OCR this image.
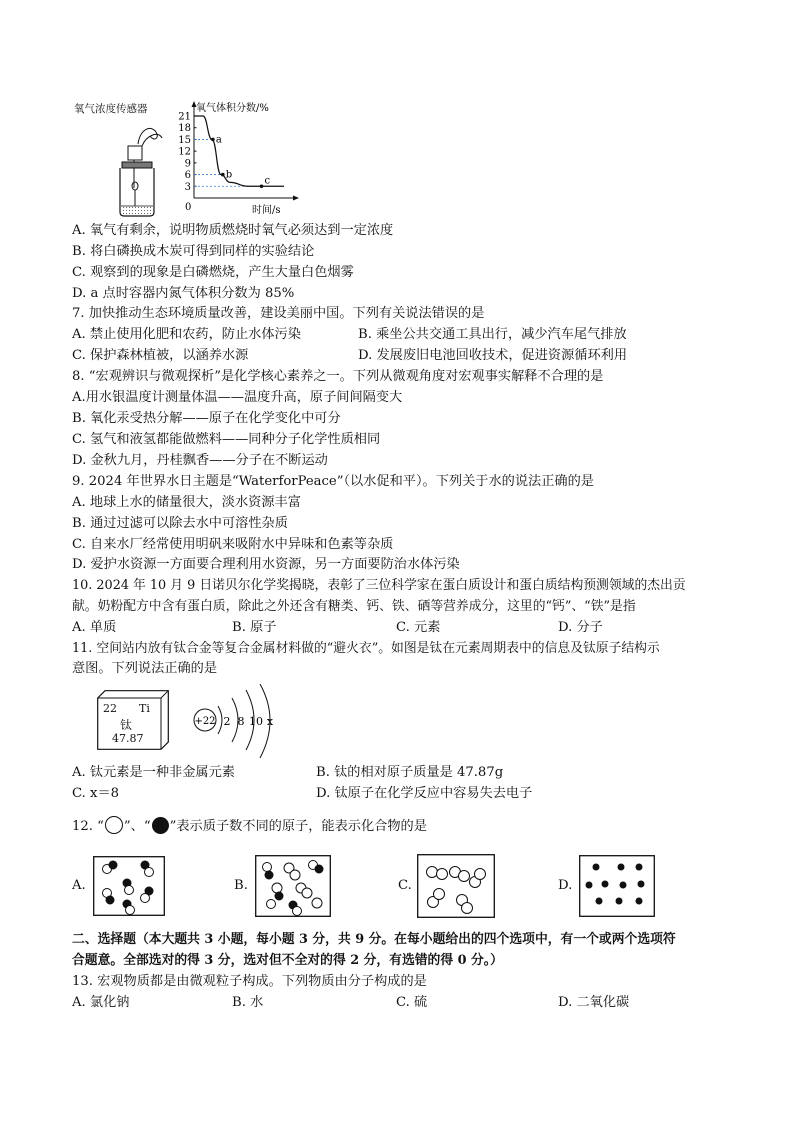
氧气浓度传感器	氧气体积分数/%
时间/s
0
21
18
15
12
9
6
3
a
b
c
A. 氧气有剩余，说明物质燃烧时氧气必须达到一定浓度
B. 将白磷换成木炭可得到同样的实验结论
C. 观察到的现象是白磷燃烧，产生大量白色烟雾
D. a 点时容器内氮气体积分数为 85%
7. 加快推动生态环境质量改善，建设美丽中国。下列有关说法错误的是
A. 禁止使用化肥和农药，防止水体污染	B. 乘坐公共交通工具出行，减少汽车尾气排放
C. 保护森林植被，以涵养水源	D. 发展废旧电池回收技术，促进资源循环利用
8. “宏观辨识与微观探析”是化学核心素养之一。下列从微观角度对宏观事实解释不合理的是
A.用水银温度计测量体温——温度升高，原子间间隔变大
B. 氧化汞受热分解——原子在化学变化中可分
C. 氢气和液氢都能做燃料——同种分子化学性质相同
D. 金秋九月，丹桂飘香——分子在不断运动
9. 2024 年世界水日主题是“WaterforPeace”（以水促和平）。下列关于水的说法正确的是
A. 地球上水的储量很大，淡水资源丰富
B. 通过过滤可以除去水中可溶性杂质
C. 自来水厂经常使用明矾来吸附水中异味和色素等杂质
D. 爱护水资源一方面要合理利用水资源，另一方面要防治水体污染
10. 2024 年 10 月 9 日诺贝尔化学奖揭晓，表彰了三位科学家在蛋白质设计和蛋白质结构预测领域的杰出贡
献。奶粉配方中含有蛋白质，除此之外还含有糖类、钙、铁、硒等营养成分，这里的“钙”、“铁”是指
A. 单质	B. 原子	C. 元素	D. 分子
11. 空间站内放有钛合金等复合金属材料做的“避火衣”。如图是钛在元素周期表中的信息及钛原子结构示
意图。下列说法正确的是
22 Ti
钛
47.87
+22 2 8 10 x
A. 钛元素是一种非金属元素	B. 钛的相对原子质量是 47.87g
C. x＝8	D. 钛原子在化学反应中容易失去电子
12. “ ”、“ ”表示质子数不同的原子，能表示化合物的是
A.	B.	C.	D.
二、选择题（本大题共 3 小题，每小题 3 分，共 9 分。在每小题给出的四个选项中，有一个或两个选项符
合题意。全部选对的得 3 分，选对但不全对的得 2 分，有选错的得 0 分。）
13. 宏观物质都是由微观粒子构成。下列物质由分子构成的是
A. 氯化钠	B. 水	C. 硫	D. 二氧化碳
